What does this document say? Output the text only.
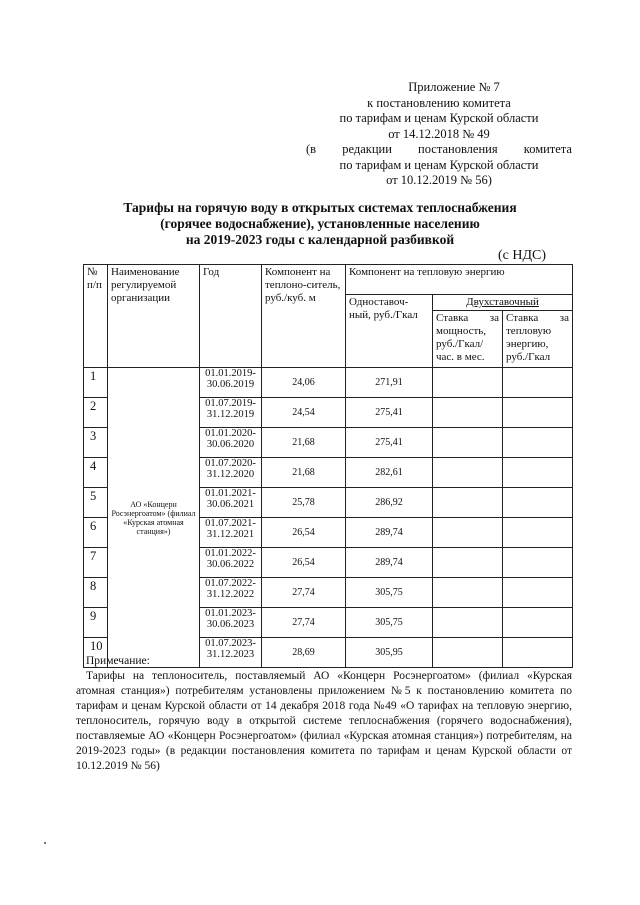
Приложение № 7
к постановлению комитета
по тарифам и ценам Курской области
от 14.12.2018 № 49
(в редакции постановления комитета
по тарифам и ценам Курской области
от 10.12.2019 № 56)
Тарифы на горячую воду в открытых системах теплоснабжения
(горячее водоснабжение), установленные населению
на 2019-2023 годы с календарной разбивкой
(с НДС)
№ п/п	Наименование регулируемой организации	Год	Компонент на теплоно-ситель, руб./куб. м	Компонент на тепловую энергию		
				Одноставоч-ный, руб./Гкал	Двухставочный	
					Ставка за мощность, руб./Гкал/час. в мес.	Ставка за тепловую энергию, руб./Гкал
1	АО «Концерн Росэнергоатом» (филиал «Курская атомная станция»)	01.01.2019-30.06.2019	24,06	271,91		
2		01.07.2019-31.12.2019	24,54	275,41		
3		01.01.2020-30.06.2020	21,68	275,41		
4		01.07.2020-31.12.2020	21,68	282,61		
5		01.01.2021-30.06.2021	25,78	286,92		
6		01.07.2021-31.12.2021	26,54	289,74		
7		01.01.2022-30.06.2022	26,54	289,74		
8		01.07.2022-31.12.2022	27,74	305,75		
9		01.01.2023-30.06.2023	27,74	305,75		
10		01.07.2023-31.12.2023	28,69	305,95		

Примечание:

Тарифы на теплоноситель, поставляемый АО «Концерн Росэнергоатом» (филиал «Курская атомная станция») потребителям установлены приложением №5 к постановлению комитета по тарифам и ценам Курской области от 14 декабря 2018 года №49 «О тарифах на тепловую энергию, теплоноситель, горячую воду в открытой системе теплоснабжения (горячего водоснабжения), поставляемые АО «Концерн Росэнергоатом» (филиал «Курская атомная станция») потребителям, на 2019-2023 годы» (в редакции постановления комитета по тарифам и ценам Курской области от 10.12.2019 № 56)
